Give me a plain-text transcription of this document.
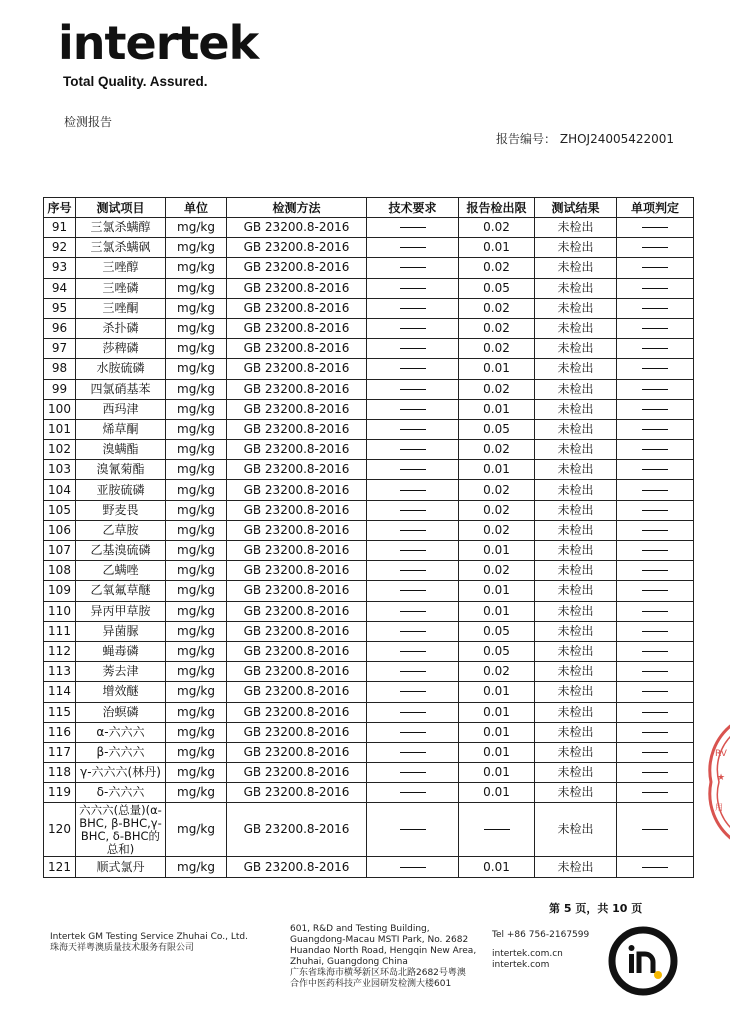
intertek
Total Quality. Assured.
检测报告
报告编号： ZHOJ24005422001
序号	测试项目	单位	检测方法	技术要求	报告检出限	测试结果	单项判定
91	三氯杀螨醇	mg/kg	GB 23200.8-2016		0.02	未检出	
92	三氯杀螨砜	mg/kg	GB 23200.8-2016		0.01	未检出	
93	三唑醇	mg/kg	GB 23200.8-2016		0.02	未检出	
94	三唑磷	mg/kg	GB 23200.8-2016		0.05	未检出	
95	三唑酮	mg/kg	GB 23200.8-2016		0.02	未检出	
96	杀扑磷	mg/kg	GB 23200.8-2016		0.02	未检出	
97	莎稗磷	mg/kg	GB 23200.8-2016		0.02	未检出	
98	水胺硫磷	mg/kg	GB 23200.8-2016		0.01	未检出	
99	四氯硝基苯	mg/kg	GB 23200.8-2016		0.02	未检出	
100	西玛津	mg/kg	GB 23200.8-2016		0.01	未检出	
101	烯草酮	mg/kg	GB 23200.8-2016		0.05	未检出	
102	溴螨酯	mg/kg	GB 23200.8-2016		0.02	未检出	
103	溴氰菊酯	mg/kg	GB 23200.8-2016		0.01	未检出	
104	亚胺硫磷	mg/kg	GB 23200.8-2016		0.02	未检出	
105	野麦畏	mg/kg	GB 23200.8-2016		0.02	未检出	
106	乙草胺	mg/kg	GB 23200.8-2016		0.02	未检出	
107	乙基溴硫磷	mg/kg	GB 23200.8-2016		0.01	未检出	
108	乙螨唑	mg/kg	GB 23200.8-2016		0.02	未检出	
109	乙氧氟草醚	mg/kg	GB 23200.8-2016		0.01	未检出	
110	异丙甲草胺	mg/kg	GB 23200.8-2016		0.01	未检出	
111	异菌脲	mg/kg	GB 23200.8-2016		0.05	未检出	
112	蝇毒磷	mg/kg	GB 23200.8-2016		0.05	未检出	
113	莠去津	mg/kg	GB 23200.8-2016		0.02	未检出	
114	增效醚	mg/kg	GB 23200.8-2016		0.01	未检出	
115	治螟磷	mg/kg	GB 23200.8-2016		0.01	未检出	
116	α-六六六	mg/kg	GB 23200.8-2016		0.01	未检出	
117	β-六六六	mg/kg	GB 23200.8-2016		0.01	未检出	
118	γ-六六六(林丹)	mg/kg	GB 23200.8-2016		0.01	未检出	
119	δ-六六六	mg/kg	GB 23200.8-2016		0.01	未检出	
120	六六六(总量)(α-BHC, β-BHC,γ-BHC, δ-BHC的总和)	mg/kg	GB 23200.8-2016			未检出	
121	顺式氯丹	mg/kg	GB 23200.8-2016		0.01	未检出	
第 5 页，共 10 页
Intertek GM Testing Service Zhuhai Co., Ltd.
珠海天祥粤澳质量技术服务有限公司
601, R&D and Testing Building,
Guangdong-Macau MSTI Park, No. 2682
Huandao North Road, Hengqin New Area,
Zhuhai, Guangdong China
广东省珠海市横琴新区环岛北路2682号粤澳
合作中医药科技产业园研发检测大楼601
Tel +86 756-2167599
intertek.com.cn
intertek.com
RV
★
用
